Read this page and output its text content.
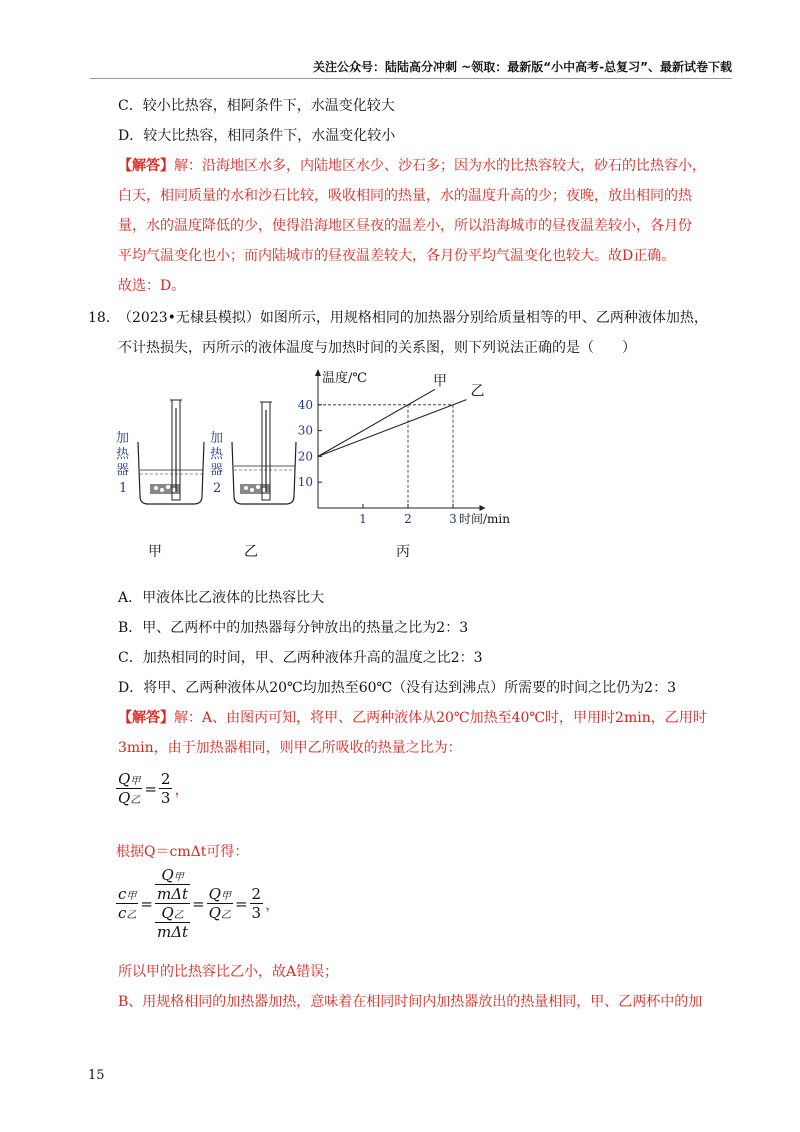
关注公众号：陆陆高分冲刺 ~领取：最新版“小中高考-总复习”、最新试卷下载
C．较小比热容，相阿条件下，水温变化较大
D．较大比热容，相同条件下，水温变化较小
【解答】解：沿海地区水多，内陆地区水少、沙石多；因为水的比热容较大，砂石的比热容小，
白天，相同质量的水和沙石比较，吸收相同的热量，水的温度升高的少；夜晚，放出相同的热
量，水的温度降低的少，使得沿海地区昼夜的温差小，所以沿海城市的昼夜温差较小，各月份
平均气温变化也小；而内陆城市的昼夜温差较大，各月份平均气温变化也较大。故D正确。
故选：D。
18. （2023•无棣县模拟）如图所示，用规格相同的加热器分别给质量相等的甲、乙两种液体加热，
不计热损失，丙所示的液体温度与加热时间的关系图，则下列说法正确的是（　　）
加
热
器
1
加
热
器
2
甲	乙	丙
10
20
30
40
1	2	3
甲
乙
温度/℃
时间/min
A．甲液体比乙液体的比热容比大
B．甲、乙两杯中的加热器每分钟放出的热量之比为2：3
C．加热相同的时间，甲、乙两种液体升高的温度之比2：3
D．将甲、乙两种液体从20℃均加热至60℃（没有达到沸点）所需要的时间之比仍为2：3
【解答】解：A、由图丙可知，将甲、乙两种液体从20℃加热至40℃时，甲用时2min，乙用时
3min，由于加热器相同，则甲乙所吸收的热量之比为：
$\frac{\text{Q甲}}{\text{Q乙}} = \frac{2}{3}$ ，
根据Q＝cmΔt可得：
$\frac{\text{c甲}}{\text{c乙}} = \frac{\frac{\text{Q甲}}{\text{mΔt}}}{\frac{\text{Q乙}}{\text{mΔt}}} = \frac{\text{Q甲}}{\text{Q乙}} = \frac{2}{3}$ ，
所以甲的比热容比乙小，故A错误；
B、用规格相同的加热器加热，意味着在相同时间内加热器放出的热量相同，甲、乙两杯中的加
15
